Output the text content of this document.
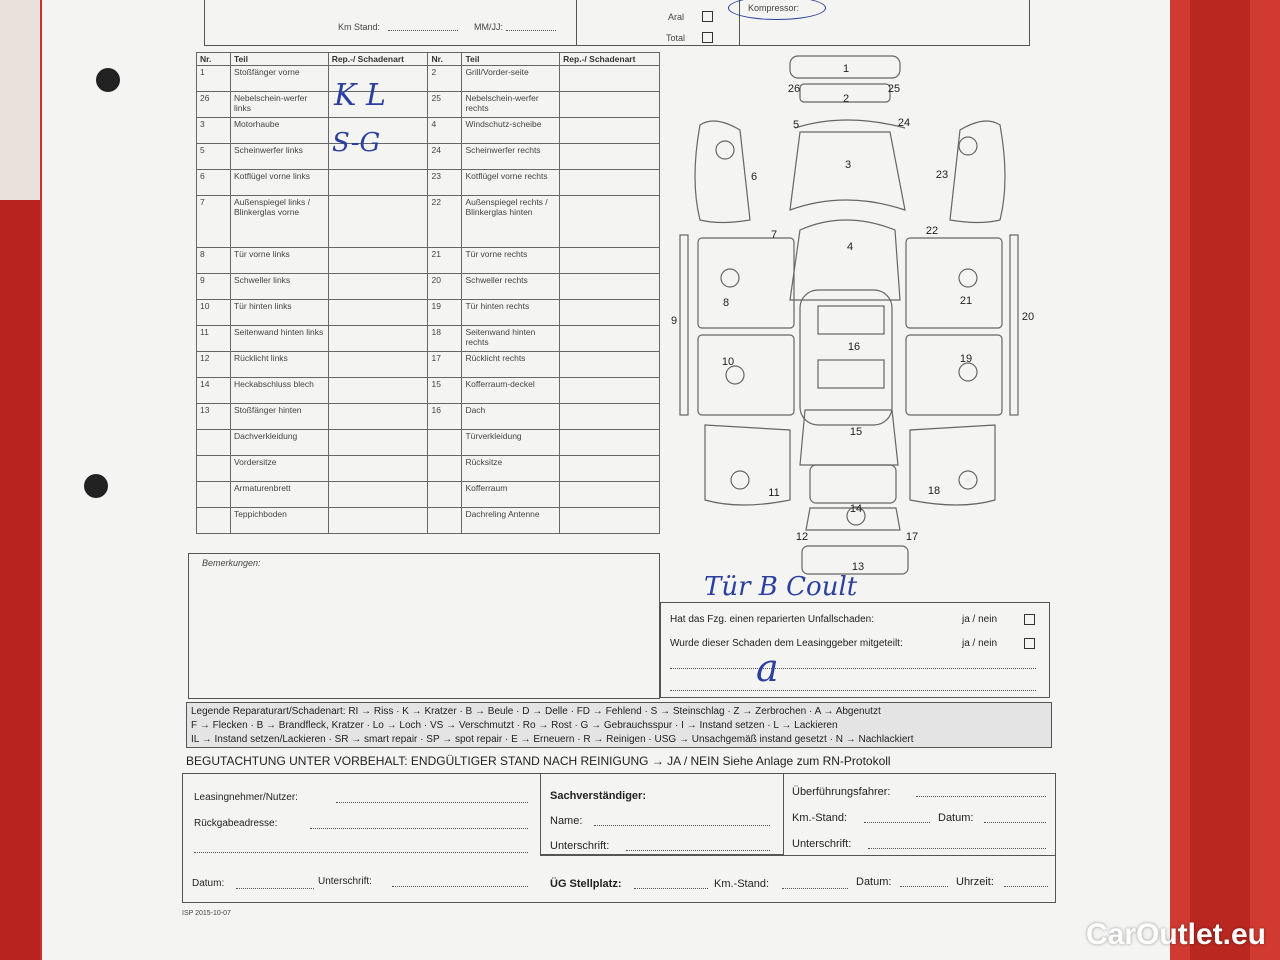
Km Stand:	MM/JJ:
Aral
Total
Kompressor:
Nr.	Teil	Rep.-/ Schadenart	Nr.	Teil	Rep.-/ Schadenart
1	Stoßfänger vorne		2	Grill/Vorder-seite	
26	Nebelschein-werfer links		25	Nebelschein-werfer rechts	
3	Motorhaube		4	Windschutz-scheibe	
5	Scheinwerfer links		24	Scheinwerfer rechts	
6	Kotflügel vorne links		23	Kotflügel vorne rechts	
7	Außenspiegel links / Blinkerglas vorne		22	Außenspiegel rechts / Blinkerglas hinten	
8	Tür vorne links		21	Tür vorne rechts	
9	Schweller links		20	Schweller rechts	
10	Tür hinten links		19	Tür hinten rechts	
11	Seitenwand hinten links		18	Seitenwand hinten rechts	
12	Rücklicht links		17	Rücklicht rechts	
14	Heckabschluss blech		15	Kofferraum-deckel	
13	Stoßfänger hinten		16	Dach	
	Dachverkleidung			Türverkleidung	
	Vordersitze			Rücksitze	
	Armaturenbrett			Kofferraum	
	Teppichboden			Dachreling Antenne	
K L
S-G
1
2
25
26
5	24
3
6	23
4
7	22
8	21
9	20
16
10	19
15
11	18
14
12	17
13
Bemerkungen:
Tür B Coult
Hat das Fzg. einen reparierten Unfallschaden:	ja / nein
Wurde dieser Schaden dem Leasinggeber mitgeteilt:	ja / nein
a
Legende Reparaturart/Schadenart: RI → Riss · K → Kratzer · B → Beule · D → Delle · FD → Fehlend · S → Steinschlag · Z → Zerbrochen · A → Abgenutzt
F → Flecken · B → Brandfleck, Kratzer · Lo → Loch · VS → Verschmutzt · Ro → Rost · G → Gebrauchsspur · I → Instand setzen · L → Lackieren
IL → Instand setzen/Lackieren · SR → smart repair · SP → spot repair · E → Erneuern · R → Reinigen · USG → Unsachgemäß instand gesetzt · N → Nachlackiert
BEGUTACHTUNG UNTER VORBEHALT: ENDGÜLTIGER STAND NACH REINIGUNG → JA / NEIN Siehe Anlage zum RN-Protokoll
Leasingnehmer/Nutzer:
Rückgabeadresse:
Datum:	Unterschrift:
Sachverständiger:
Name:
Unterschrift:
Überführungsfahrer:
Km.-Stand:	Datum:
Unterschrift:
ÜG Stellplatz:	Km.-Stand:	Datum:	Uhrzeit:
ISP 2015-10-07
CarOutlet.eu
